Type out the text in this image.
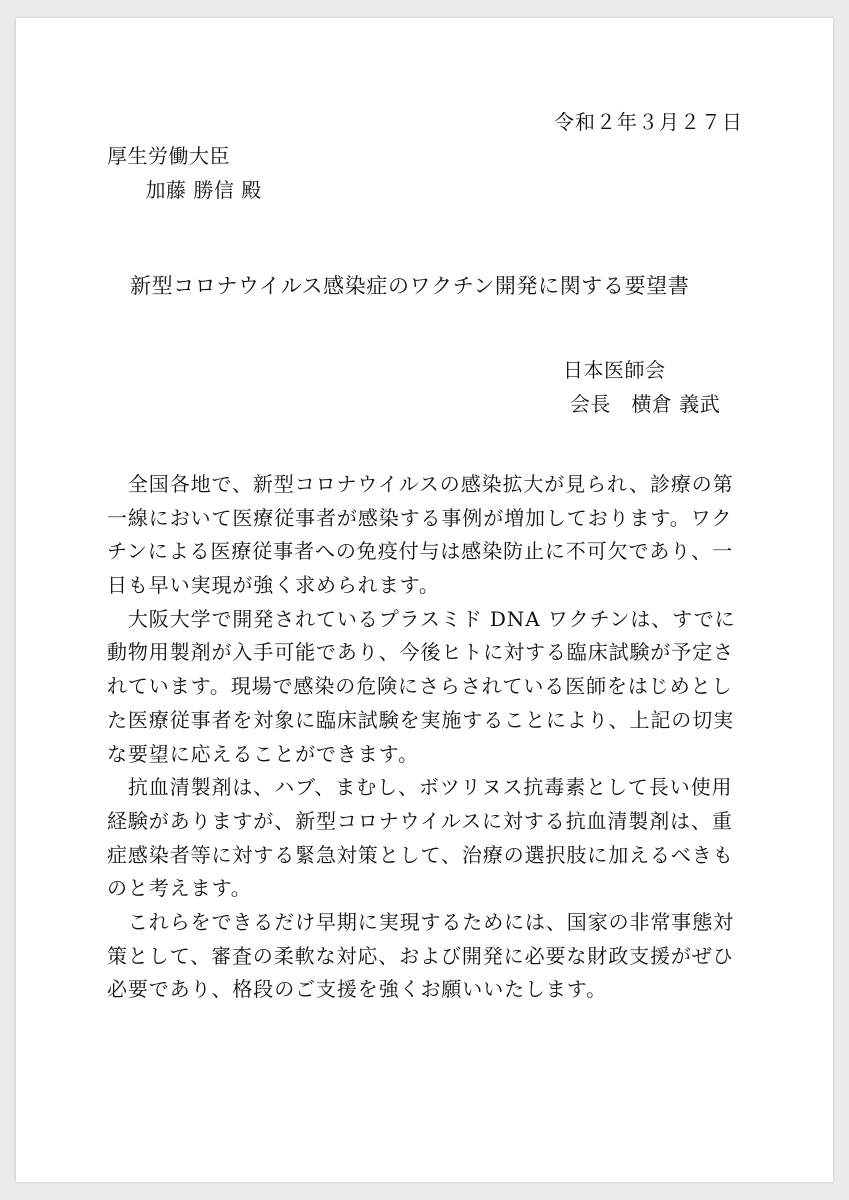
令和２年３月２７日
厚生労働大臣
　加藤 勝信 殿
新型コロナウイルス感染症のワクチン開発に関する要望書
日本医師会
会長　横倉 義武
　全国各地で、新型コロナウイルスの感染拡大が見られ、診療の第
一線において医療従事者が感染する事例が増加しております。ワク
チンによる医療従事者への免疫付与は感染防止に不可欠であり、一
日も早い実現が強く求められます。
　大阪大学で開発されているプラスミド DNA ワクチンは、すでに
動物用製剤が入手可能であり、今後ヒトに対する臨床試験が予定さ
れています。現場で感染の危険にさらされている医師をはじめとし
た医療従事者を対象に臨床試験を実施することにより、上記の切実
な要望に応えることができます。
　抗血清製剤は、ハブ、まむし、ボツリヌス抗毒素として長い使用
経験がありますが、新型コロナウイルスに対する抗血清製剤は、重
症感染者等に対する緊急対策として、治療の選択肢に加えるべきも
のと考えます。
　これらをできるだけ早期に実現するためには、国家の非常事態対
策として、審査の柔軟な対応、および開発に必要な財政支援がぜひ
必要であり、格段のご支援を強くお願いいたします。
